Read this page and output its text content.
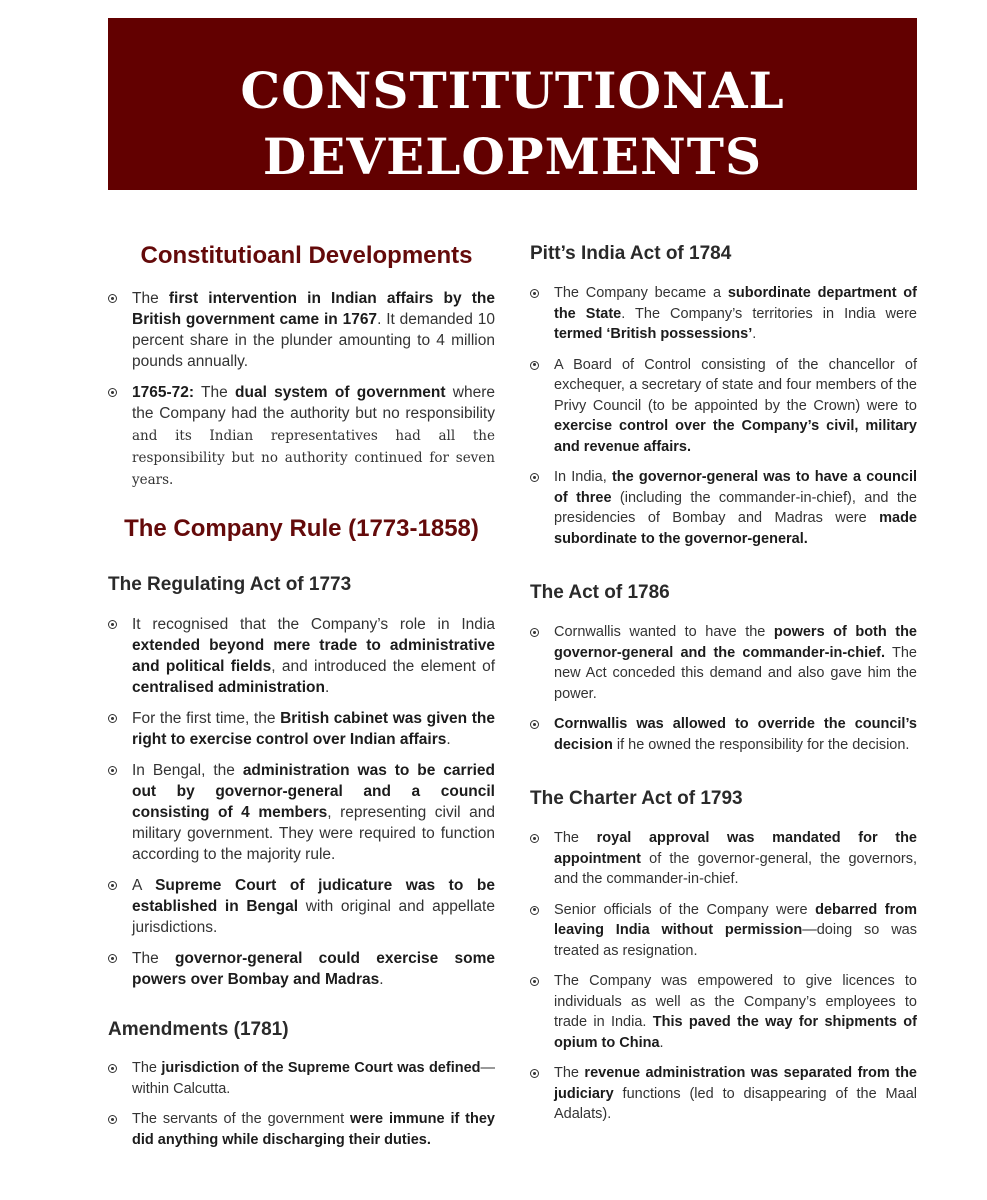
CONSTITUTIONAL
DEVELOPMENTS
Constitutioanl Developments
The first intervention in Indian affairs by the British government came in 1767. It demanded 10 percent share in the plunder amounting to 4 million pounds annually.
1765-72: The dual system of government where the Company had the authority but no responsibility and its Indian representatives had all the responsibility but no authority continued for seven years.
The Company Rule (1773-1858)
The Regulating Act of 1773
It recognised that the Company’s role in India extended beyond mere trade to administrative and political fields, and introduced the element of centralised administration.
For the first time, the British cabinet was given the right to exercise control over Indian affairs.
In Bengal, the administration was to be carried out by governor-general and a council consisting of 4 members, representing civil and military government. They were required to function according to the majority rule.
A Supreme Court of judicature was to be established in Bengal with original and appellate jurisdictions.
The governor-general could exercise some powers over Bombay and Madras.
Amendments (1781)
The jurisdiction of the Supreme Court was defined—within Calcutta.
The servants of the government were immune if they did anything while discharging their duties.
Pitt’s India Act of 1784
The Company became a subordinate department of the State. The Company’s territories in India were termed ‘British possessions’.
A Board of Control consisting of the chancellor of exchequer, a secretary of state and four members of the Privy Council (to be appointed by the Crown) were to exercise control over the Company’s civil, military and revenue affairs.
In India, the governor-general was to have a council of three (including the commander-in-chief), and the presidencies of Bombay and Madras were made subordinate to the governor-general.
The Act of 1786
Cornwallis wanted to have the powers of both the governor-general and the commander-in-chief. The new Act conceded this demand and also gave him the power.
Cornwallis was allowed to override the council’s decision if he owned the responsibility for the decision.
The Charter Act of 1793
The royal approval was mandated for the appointment of the governor-general, the governors, and the commander-in-chief.
Senior officials of the Company were debarred from leaving India without permission—doing so was treated as resignation.
The Company was empowered to give licences to individuals as well as the Company’s employees to trade in India. This paved the way for shipments of opium to China.
The revenue administration was separated from the judiciary functions (led to disappearing of the Maal Adalats).
